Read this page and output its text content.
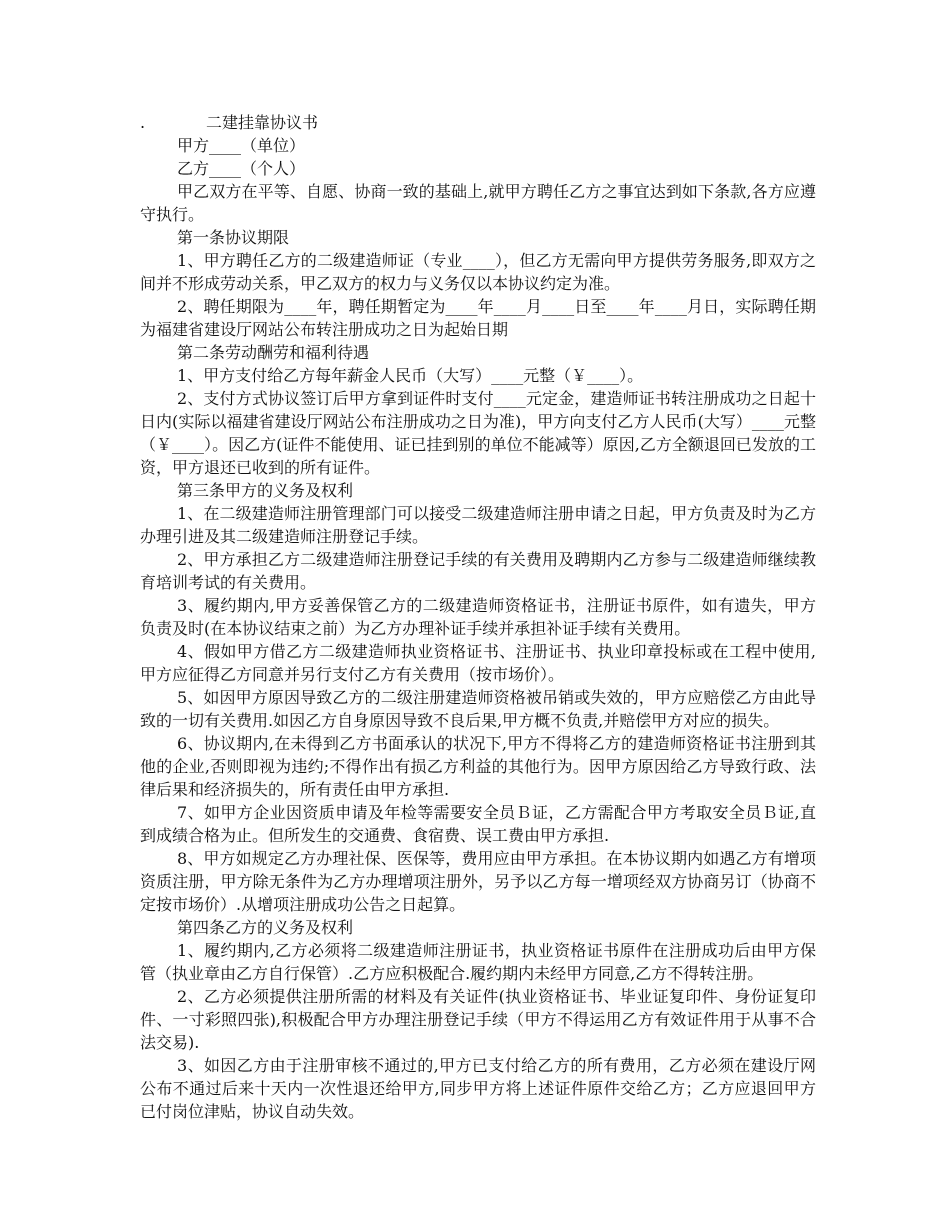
.	二建挂靠协议书
甲方____（单位）
乙方____（个人）
甲乙双方在平等、自愿、协商一致的基础上,就甲方聘任乙方之事宜达到如下条款,各方应遵守执行。
第一条协议期限
1、甲方聘任乙方的二级建造师证（专业____），但乙方无需向甲方提供劳务服务,即双方之间并不形成劳动关系，甲乙双方的权力与义务仅以本协议约定为准。
2、聘任期限为____年，聘任期暂定为____年____月____日至____年____月日，实际聘任期为福建省建设厅网站公布转注册成功之日为起始日期
第二条劳动酬劳和福利待遇
1、甲方支付给乙方每年薪金人民币（大写）____元整（￥____）。
2、支付方式协议签订后甲方拿到证件时支付____元定金，建造师证书转注册成功之日起十日内(实际以福建省建设厅网站公布注册成功之日为准)，甲方向支付乙方人民币(大写）____元整（￥____）。因乙方(证件不能使用、证已挂到别的单位不能减等）原因,乙方全额退回已发放的工资，甲方退还已收到的所有证件。
第三条甲方的义务及权利
1、在二级建造师注册管理部门可以接受二级建造师注册申请之日起，甲方负责及时为乙方办理引进及其二级建造师注册登记手续。
2、甲方承担乙方二级建造师注册登记手续的有关费用及聘期内乙方参与二级建造师继续教育培训考试的有关费用。
3、履约期内,甲方妥善保管乙方的二级建造师资格证书，注册证书原件，如有遗失，甲方负责及时(在本协议结束之前）为乙方办理补证手续并承担补证手续有关费用。
4、假如甲方借乙方二级建造师执业资格证书、注册证书、执业印章投标或在工程中使用,甲方应征得乙方同意并另行支付乙方有关费用（按市场价）。
5、如因甲方原因导致乙方的二级注册建造师资格被吊销或失效的，甲方应赔偿乙方由此导致的一切有关费用.如因乙方自身原因导致不良后果,甲方概不负责,并赔偿甲方对应的损失。
6、协议期内,在未得到乙方书面承认的状况下,甲方不得将乙方的建造师资格证书注册到其他的企业,否则即视为违约;不得作出有损乙方利益的其他行为。因甲方原因给乙方导致行政、法律后果和经济损失的，所有责任由甲方承担.
7、如甲方企业因资质申请及年检等需要安全员Ｂ证，乙方需配合甲方考取安全员Ｂ证,直到成绩合格为止。但所发生的交通费、食宿费、误工费由甲方承担.
8、甲方如规定乙方办理社保、医保等，费用应由甲方承担。在本协议期内如遇乙方有增项资质注册，甲方除无条件为乙方办理增项注册外，另予以乙方每一增项经双方协商另订（协商不定按市场价）.从增项注册成功公告之日起算。
第四条乙方的义务及权利
1、履约期内,乙方必须将二级建造师注册证书，执业资格证书原件在注册成功后由甲方保管（执业章由乙方自行保管）.乙方应积极配合.履约期内未经甲方同意,乙方不得转注册。
2、乙方必须提供注册所需的材料及有关证件(执业资格证书、毕业证复印件、身份证复印件、一寸彩照四张),积极配合甲方办理注册登记手续（甲方不得运用乙方有效证件用于从事不合法交易).
3、如因乙方由于注册审核不通过的,甲方已支付给乙方的所有费用，乙方必须在建设厅网公布不通过后来十天内一次性退还给甲方,同步甲方将上述证件原件交给乙方；乙方应退回甲方已付岗位津贴，协议自动失效。
